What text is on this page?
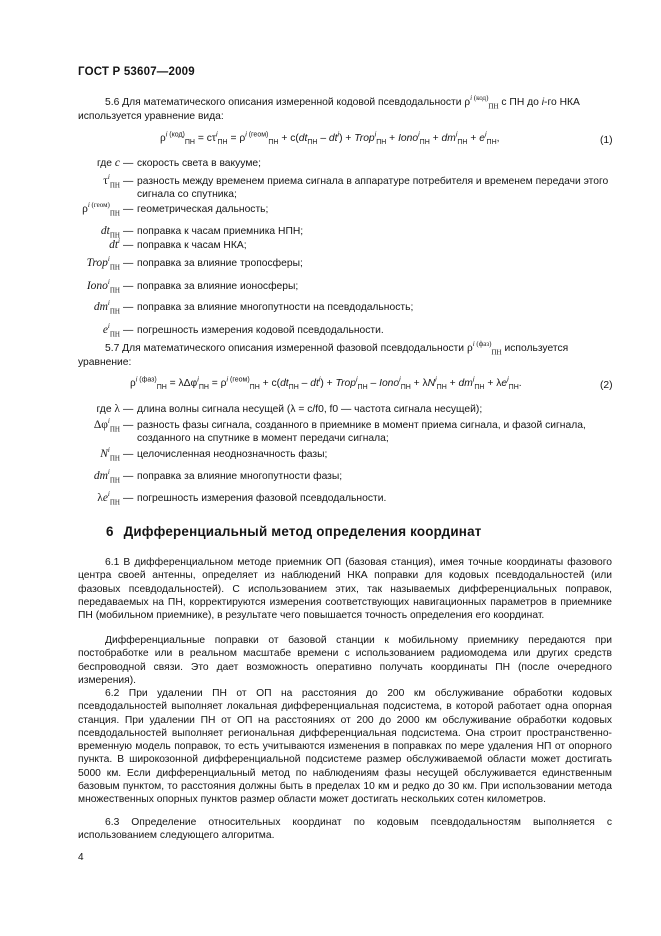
ГОСТ Р 53607—2009
5.6 Для математического описания измеренной кодовой псевдодальности $\rho^{i (код)}_{ПН}$ с ПН до i-го НКА
используется уравнение вида:
$\rho^{i (код)}_{ПН} = c\tau^i_{ПН} = \rho^{i (геом)}_{ПН} + c(dt_{ПН} - dt^i)$ + Trop$^i_{ПН}$ + Iono$^i_{ПН}$ + $dm^i_{ПН} + e^i_{ПН}$,	(1)
где c — скорость света в вакууме;
$\tau^i_{ПН}$ — разность между временем приема сигнала в аппаратуре потребителя и временем передачи этого сигнала со спутника;
$\rho^{i (геом)}_{ПН}$ — геометрическая дальность;
$dt_{ПН}$ — поправка к часам приемника НПН;
$dt^i$ — поправка к часам НКА;
Trop$^i_{ПН}$ — поправка за влияние тропосферы;
Iono$^i_{ПН}$ — поправка за влияние ионосферы;
$dm^i_{ПН}$ — поправка за влияние многопутности на псевдодальность;
$e^i_{ПН}$ — погрешность измерения кодовой псевдодальности.
5.7 Для математического описания измеренной фазовой псевдодальности $\rho^{i (фаз)}_{ПН}$ используется
уравнение:
$\rho^{i (фаз)}_{ПН} = \lambda\Delta\varphi^i_{ПН} = \rho^{i (геом)}_{ПН} + c(dt_{ПН} - dt^i)$ + Trop$^i_{ПН}$ – Iono$^i_{ПН}$ + $\lambda N^i_{ПН} + dm^i_{ПН} + \lambda e^i_{ПН}$.	(2)
где λ — длина волны сигнала несущей (λ = c/f0, f0 — частота сигнала несущей);
$\Delta\varphi^i_{ПН}$ — разность фазы сигнала, созданного в приемнике в момент приема сигнала, и фазой сигнала, созданного на спутнике в момент передачи сигнала;
$N^i_{ПН}$ — целочисленная неоднозначность фазы;
$dm^i_{ПН}$ — поправка за влияние многопутности фазы;
$\lambda e^i_{ПН}$ — погрешность измерения фазовой псевдодальности.
6 Дифференциальный метод определения координат
6.1 В дифференциальном методе приемник ОП (базовая станция), имея точные координаты фазового центра своей антенны, определяет из наблюдений НКА поправки для кодовых псевдодальностей (или фазовых псевдодальностей). С использованием этих, так называемых дифференциальных поправок, передаваемых на ПН, корректируются измерения соответствующих навигационных параметров в приемнике ПН (мобильном приемнике), в результате чего повышается точность определения его координат.
Дифференциальные поправки от базовой станции к мобильному приемнику передаются при постобработке или в реальном масштабе времени с использованием радиомодема или других средств беспроводной связи. Это дает возможность оперативно получать координаты ПН (после очередного измерения).
6.2 При удалении ПН от ОП на расстояния до 200 км обслуживание обработки кодовых псевдодальностей выполняет локальная дифференциальная подсистема, в которой работает одна опорная станция. При удалении ПН от ОП на расстояниях от 200 до 2000 км обслуживание обработки кодовых псевдодальностей выполняет региональная дифференциальная подсистема. Она строит пространственно-временную модель поправок, то есть учитываются изменения в поправках по мере удаления НП от опорного пункта. В широкозонной дифференциальной подсистеме размер обслуживаемой области может достигать 5000 км. Если дифференциальный метод по наблюдениям фазы несущей обслуживается единственным базовым пунктом, то расстояния должны быть в пределах 10 км и редко до 30 км. При использовании метода множественных опорных пунктов размер области может достигать нескольких сотен километров.
6.3 Определение относительных координат по кодовым псевдодальностям выполняется с использованием следующего алгоритма.
4
